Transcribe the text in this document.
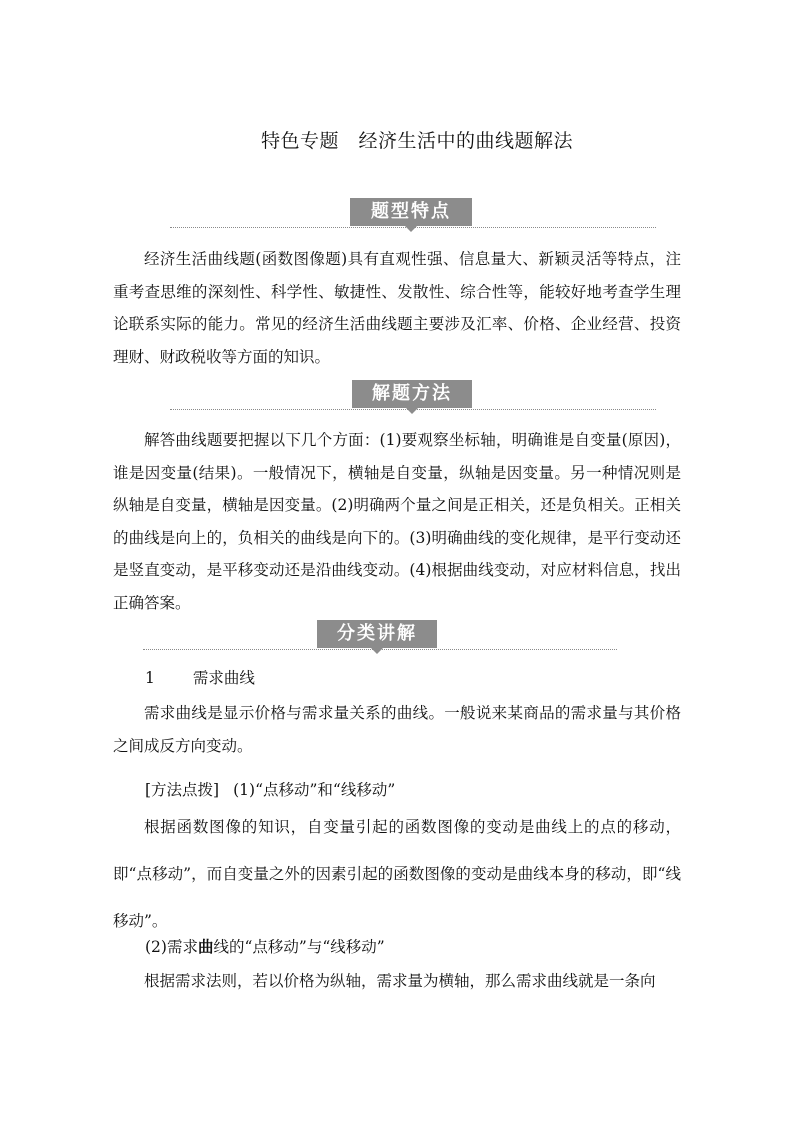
特色专题　经济生活中的曲线题解法
题型特点

经济生活曲线题(函数图像题)具有直观性强、信息量大、新颖灵活等特点，注重考查思维的深刻性、科学性、敏捷性、发散性、综合性等，能较好地考查学生理论联系实际的能力。常见的经济生活曲线题主要涉及汇率、价格、企业经营、投资理财、财政税收等方面的知识。

解题方法

解答曲线题要把握以下几个方面：(1)要观察坐标轴，明确谁是自变量(原因)，谁是因变量(结果)。一般情况下，横轴是自变量，纵轴是因变量。另一种情况则是纵轴是自变量，横轴是因变量。(2)明确两个量之间是正相关，还是负相关。正相关的曲线是向上的，负相关的曲线是向下的。(3)明确曲线的变化规律，是平行变动还是竖直变动，是平移变动还是沿曲线变动。(4)根据曲线变动，对应材料信息，找出正确答案。

分类讲解
1 需求曲线

需求曲线是显示价格与需求量关系的曲线。一般说来某商品的需求量与其价格之间成反方向变动。

[方法点拨] (1)“点移动”和“线移动”

根据函数图像的知识，自变量引起的函数图像的变动是曲线上的点的移动，即“点移动”，而自变量之外的因素引起的函数图像的变动是曲线本身的移动，即“线移动”。

(2)需求曲线的“点移动”与“线移动”

根据需求法则，若以价格为纵轴，需求量为横轴，那么需求曲线就是一条向
